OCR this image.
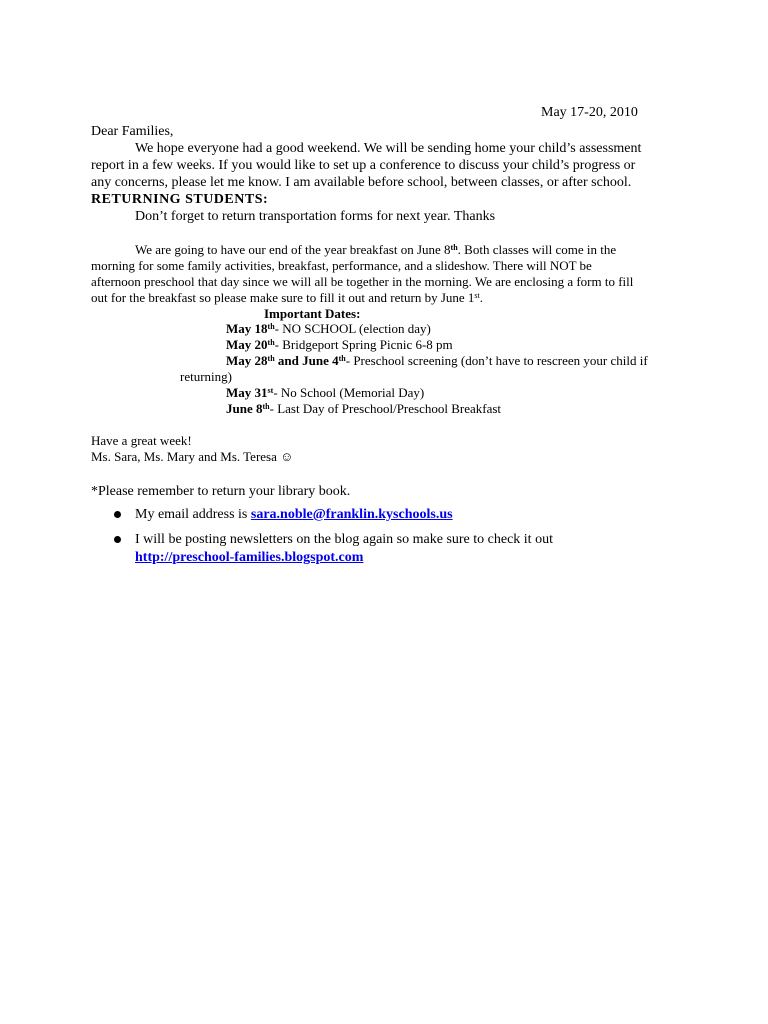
May 17-20, 2010
Dear Families,
We hope everyone had a good weekend. We will be sending home your child’s assessment
report in a few weeks. If you would like to set up a conference to discuss your child’s progress or
any concerns, please let me know. I am available before school, between classes, or after school.
RETURNING STUDENTS:
Don’t forget to return transportation forms for next year. Thanks
We are going to have our end of the year breakfast on June 8th. Both classes will come in the
morning for some family activities, breakfast, performance, and a slideshow. There will NOT be
afternoon preschool that day since we will all be together in the morning. We are enclosing a form to fill
out for the breakfast so please make sure to fill it out and return by June 1st.
Important Dates:
May 18th- NO SCHOOL (election day)
May 20th- Bridgeport Spring Picnic 6-8 pm
May 28th and June 4th- Preschool screening (don’t have to rescreen your child if
returning)
May 31st- No School (Memorial Day)
June 8th- Last Day of Preschool/Preschool Breakfast
Have a great week!
Ms. Sara, Ms. Mary and Ms. Teresa ☺
*Please remember to return your library book.
My email address is sara.noble@franklin.kyschools.us
I will be posting newsletters on the blog again so make sure to check it out
http://preschool-families.blogspot.com
